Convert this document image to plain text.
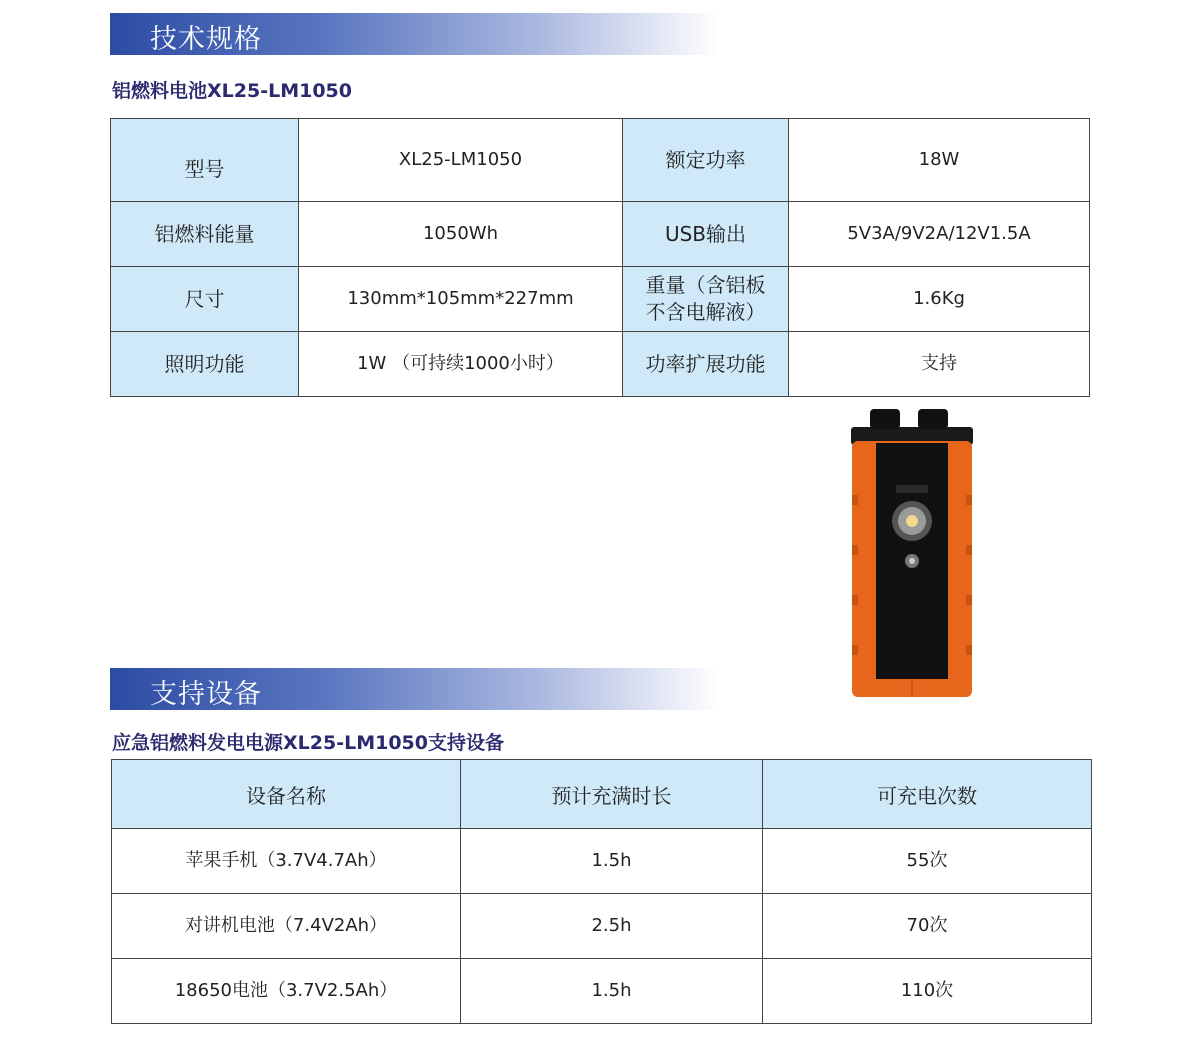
技术规格
铝燃料电池XL25-LM1050
型号	XL25-LM1050	额定功率	18W
铝燃料能量	1050Wh	USB输出	5V3A/9V2A/12V1.5A
尺寸	130mm*105mm*227mm	重量（含铝板不含电解液）	1.6Kg
照明功能	1W （可持续1000小时）	功率扩展功能	支持
支持设备
应急铝燃料发电电源XL25-LM1050支持设备
设备名称	预计充满时长	可充电次数
苹果手机（3.7V4.7Ah）	1.5h	55次
对讲机电池（7.4V2Ah）	2.5h	70次
18650电池（3.7V2.5Ah）	1.5h	110次
